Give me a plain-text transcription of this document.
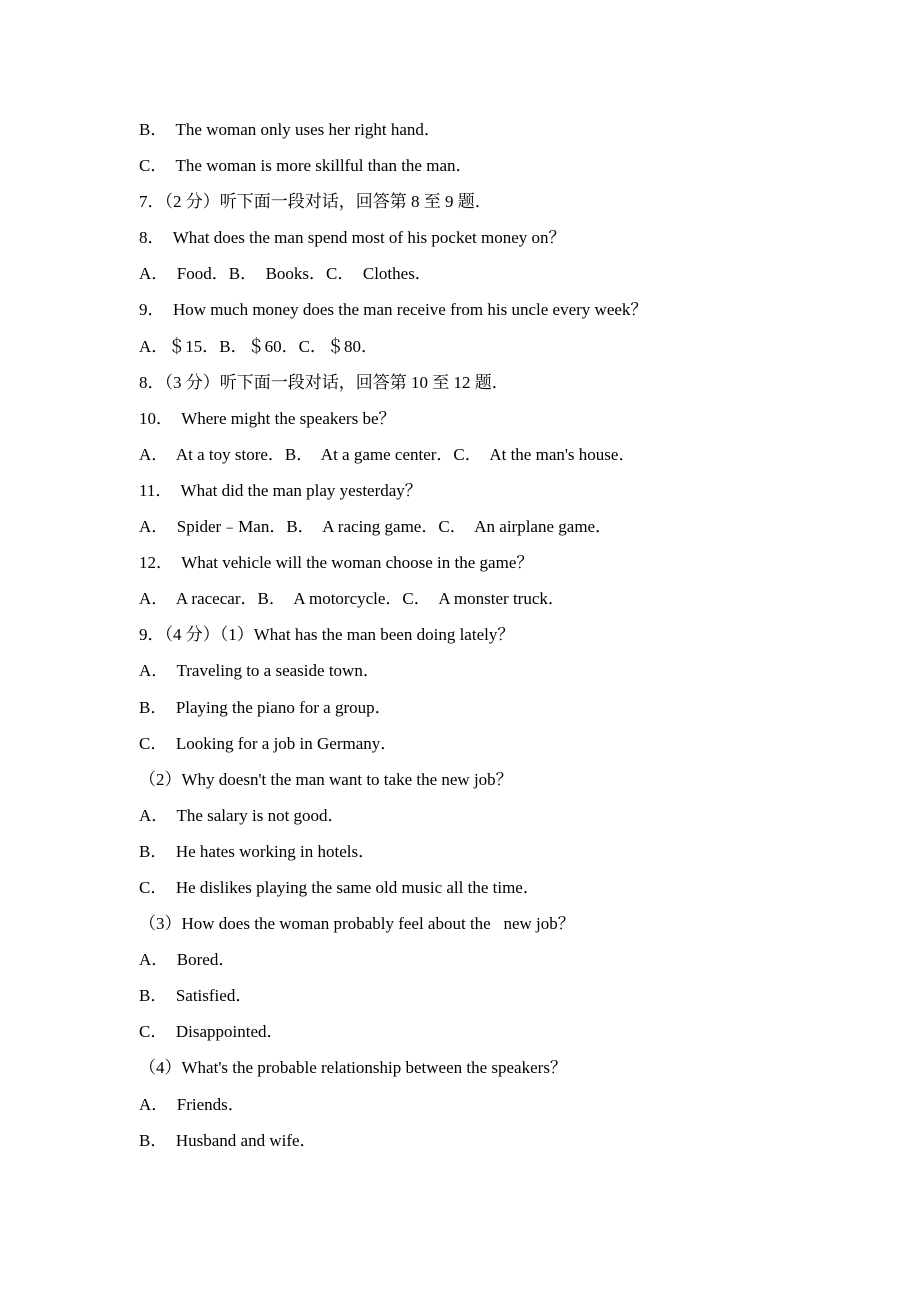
B．  The woman only uses her right hand．
C．  The woman is more skillful than the man．
7．（2 分）听下面一段对话，回答第 8 至 9 题．
8．  What does the man spend most of his pocket money on？
A．  Food．B．  Books．C．  Clothes．
9．  How much money does the man receive from his uncle every week？
A．＄15．B．＄60．C．＄80．
8．（3 分）听下面一段对话，回答第 10 至 12 题．
10．  Where might the speakers be？
A．  At a toy store．B．  At a game center．C．  At the man's house．
11．  What did the man play yesterday？
A．  Spider﹣Man．B．  A racing game．C．  An airplane game．
12．  What vehicle will the woman choose in the game？
A．  A racecar．B．  A motorcycle．C．  A monster truck．
9．（4 分）（1）What has the man been doing lately？
A．  Traveling to a seaside town．
B．  Playing the piano for a group．
C．  Looking for a job in Germany．
（2）Why doesn't the man want to take the new job？
A．  The salary is not good．
B．  He hates working in hotels．
C．  He dislikes playing the same old music all the time．
（3）How does the woman probably feel about the   new job？
A．  Bored．
B．  Satisfied．
C．  Disappointed．
（4）What's the probable relationship between the speakers？
A．  Friends．
B．  Husband and wife．
